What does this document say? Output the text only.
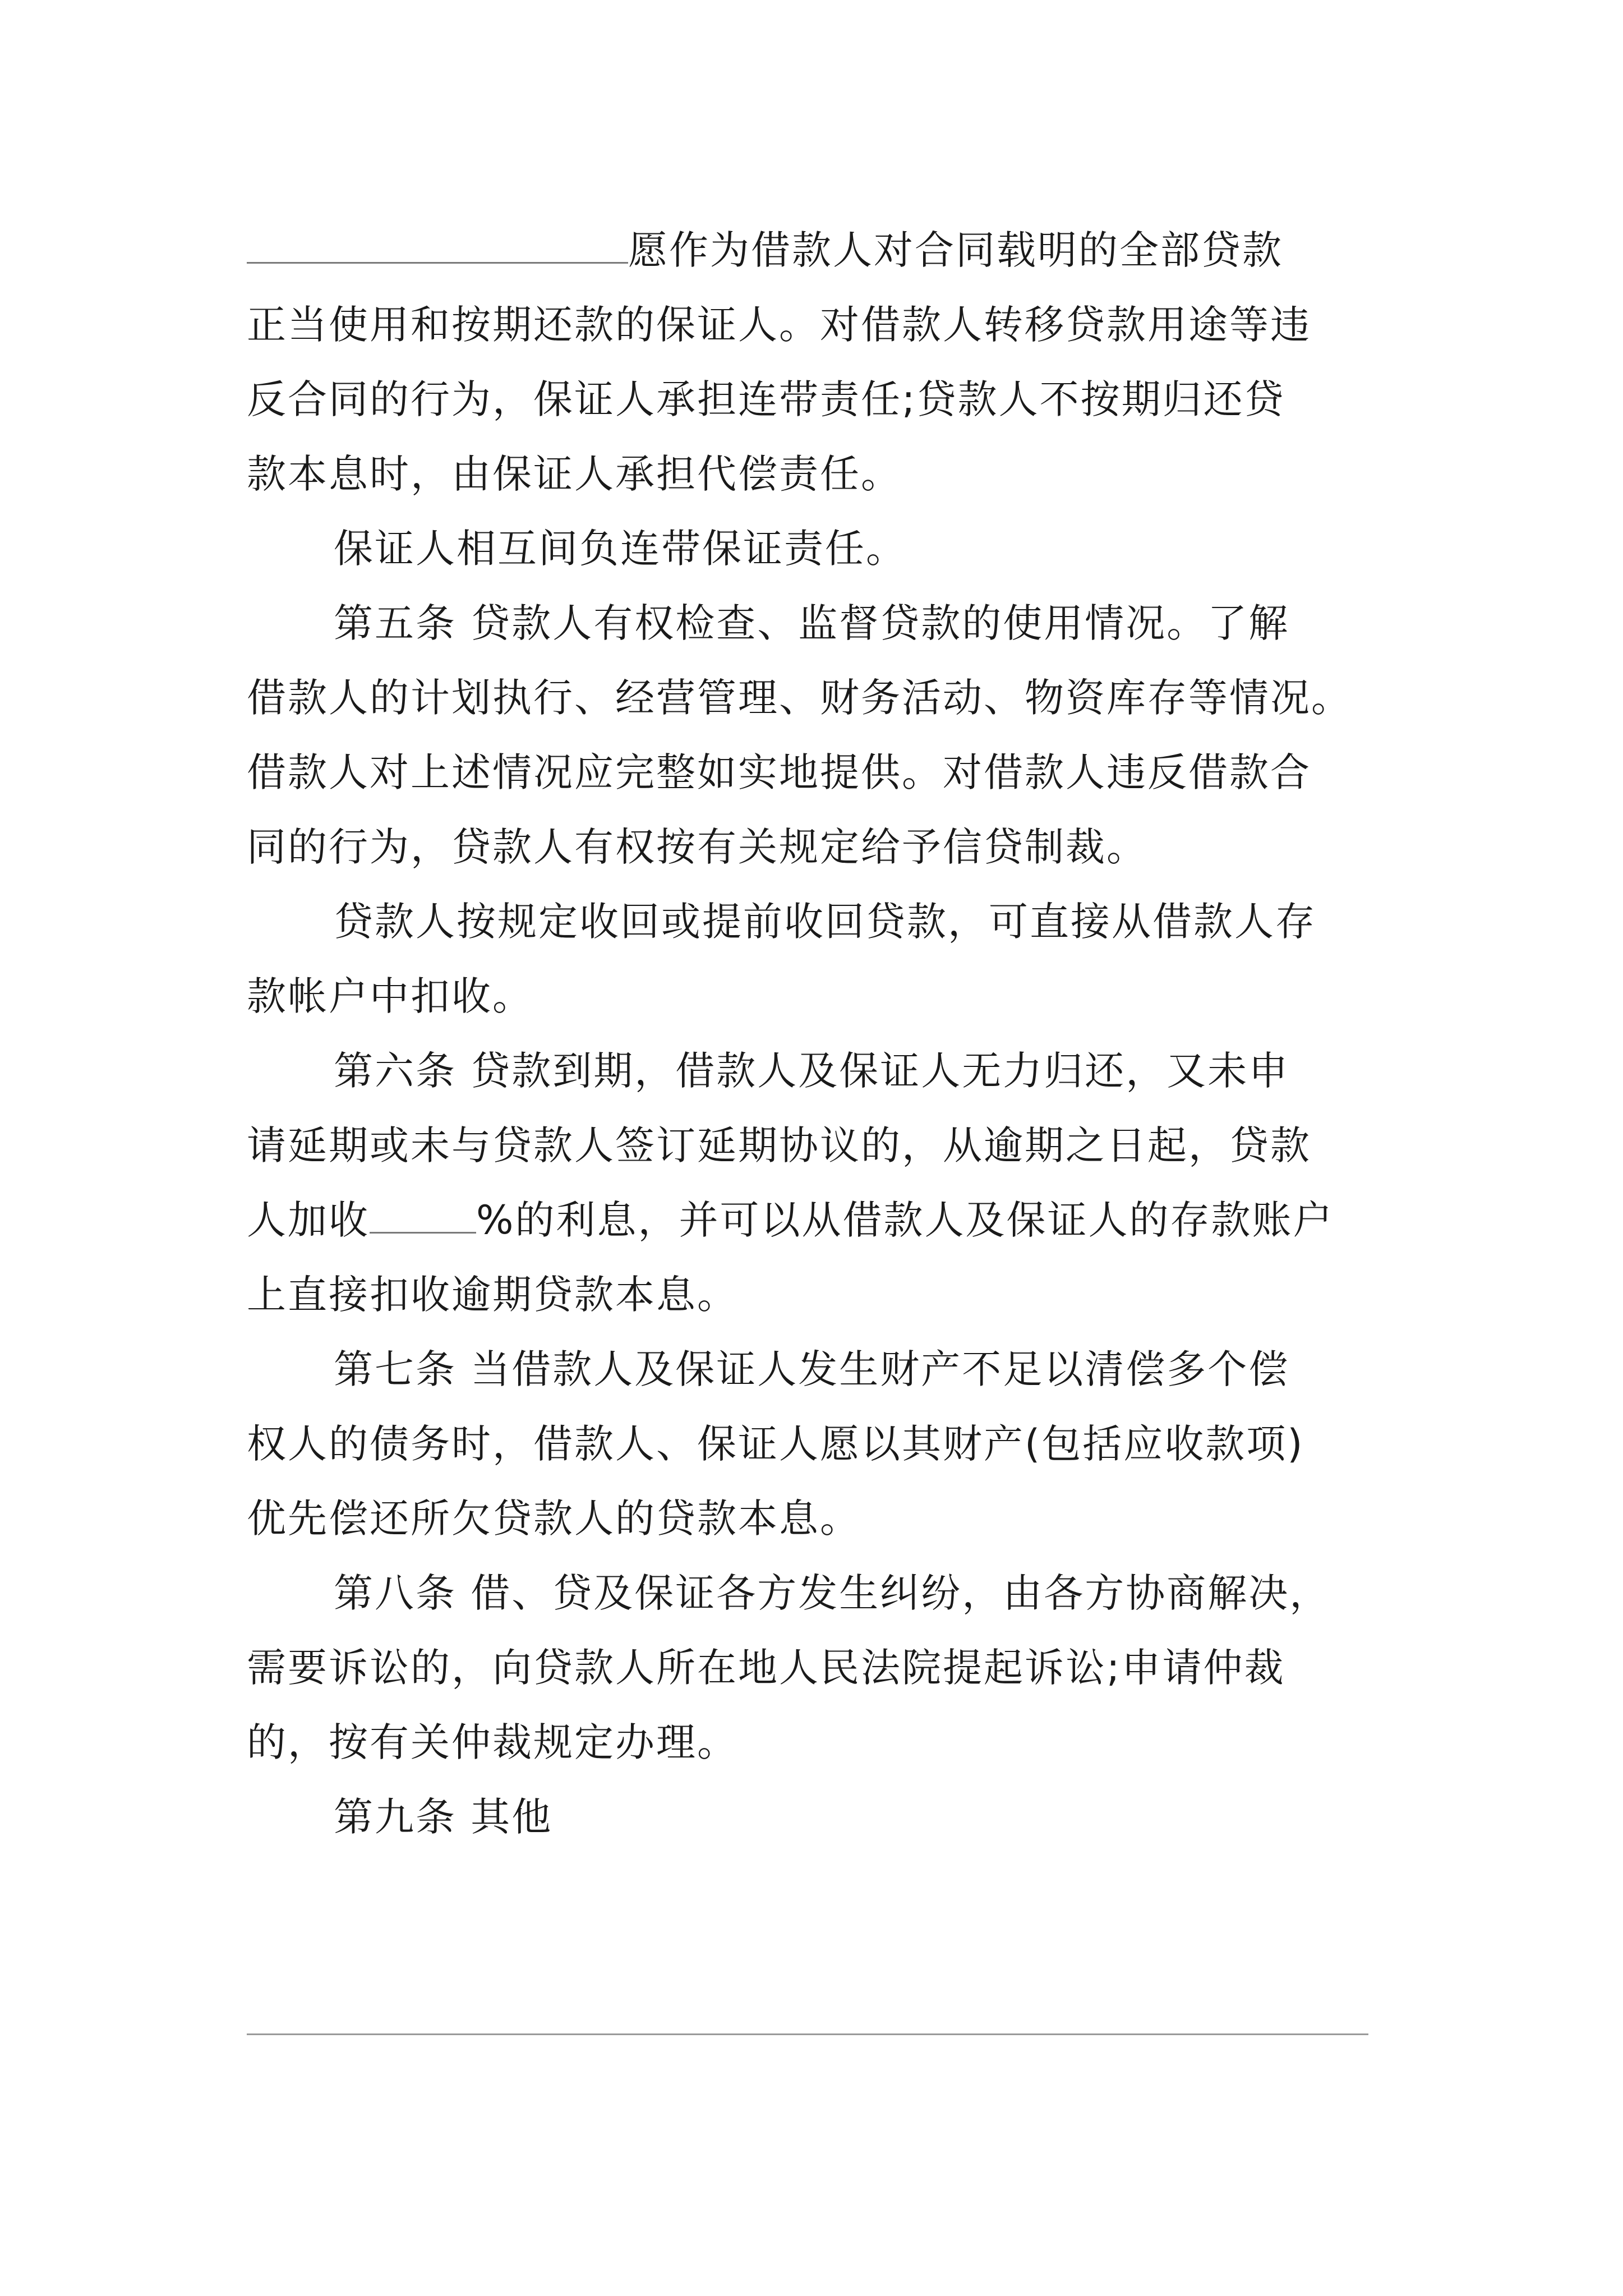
愿作为借款人对合同载明的全部贷款
正当使用和按期还款的保证人。对借款人转移贷款用途等违
反合同的行为，保证人承担连带责任;贷款人不按期归还贷
款本息时，由保证人承担代偿责任。

保证人相互间负连带保证责任。

第五条 贷款人有权检查、监督贷款的使用情况。了解
借款人的计划执行、经营管理、财务活动、物资库存等情况。
借款人对上述情况应完整如实地提供。对借款人违反借款合
同的行为，贷款人有权按有关规定给予信贷制裁。

贷款人按规定收回或提前收回贷款，可直接从借款人存
款帐户中扣收。

第六条 贷款到期，借款人及保证人无力归还，又未申
请延期或未与贷款人签订延期协议的，从逾期之日起，贷款
人加收	%的利息，并可以从借款人及保证人的存款账户
上直接扣收逾期贷款本息。

第七条 当借款人及保证人发生财产不足以清偿多个偿
权人的债务时，借款人、保证人愿以其财产(包括应收款项)
优先偿还所欠贷款人的贷款本息。

第八条 借、贷及保证各方发生纠纷，由各方协商解决，
需要诉讼的，向贷款人所在地人民法院提起诉讼;申请仲裁
的，按有关仲裁规定办理。

第九条 其他
